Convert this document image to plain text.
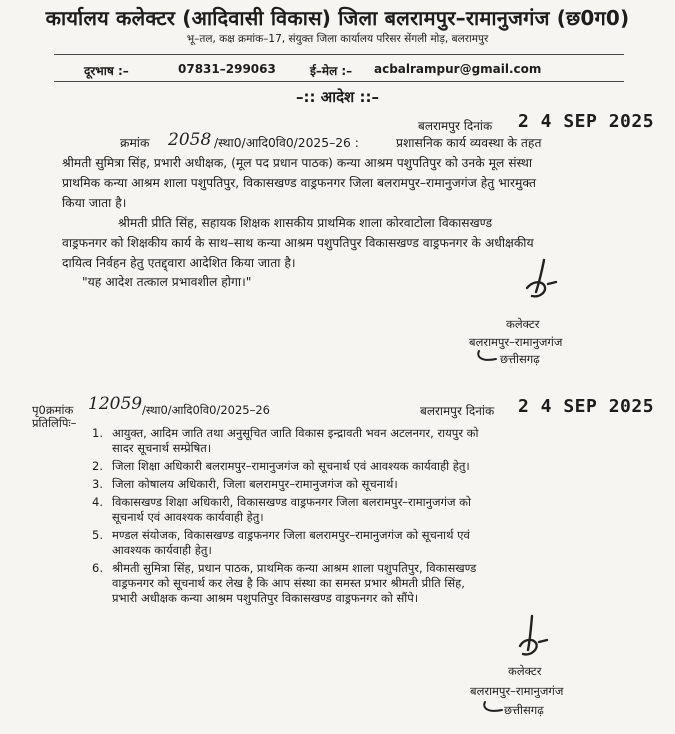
कार्यालय कलेक्टर (आदिवासी विकास) जिला बलरामपुर–रामानुजगंज (छ0ग0)
भू–तल, कक्ष क्रमांक–17, संयुक्त जिला कार्यालय परिसर सेंगली मोड़, बलरामपुर
दूरभाष :–	07831–299063	ई–मेल :– acbalrampur@gmail.com
–:: आदेश ::–
बलरामपुर दिनांक 2 4 SEP 2025
क्रमांक 2058 /स्था0/आदि0वि0/2025–26 :	प्रशासनिक कार्य व्यवस्था के तहत
श्रीमती सुमित्रा सिंह, प्रभारी अधीक्षक, (मूल पद प्रधान पाठक) कन्या आश्रम पशुपतिपुर को उनके मूल संस्था
प्राथमिक कन्या आश्रम शाला पशुपतिपुर, विकासखण्ड वाड्रफनगर जिला बलरामपुर–रामानुजगंज हेतु भारमुक्त
किया जाता है।
श्रीमती प्रीति सिंह, सहायक शिक्षक शासकीय प्राथमिक शाला कोरवाटोला विकासखण्ड
वाड्रफनगर को शिक्षकीय कार्य के साथ–साथ कन्या आश्रम पशुपतिपुर विकासखण्ड वाड्रफनगर के अधीक्षकीय
दायित्व निर्वहन हेतु एतद्द्वारा आदेशित किया जाता है।
"यह आदेश तत्काल प्रभावशील होगा।"
कलेक्टर
बलरामपुर–रामानुजगंज
छत्तीसगढ़
पृ0क्रमांक 12059 /स्था0/आदि0वि0/2025–26	बलरामपुर दिनांक 2 4 SEP 2025
प्रतिलिपिः–
1. आयुक्त, आदिम जाति तथा अनुसूचित जाति विकास इन्द्रावती भवन अटलनगर, रायपुर को
सादर सूचनार्थ सम्प्रेषित।
2. जिला शिक्षा अधिकारी बलरामपुर–रामानुजगंज को सूचनार्थ एवं आवश्यक कार्यवाही हेतु।
3. जिला कोषालय अधिकारी, जिला बलरामपुर–रामानुजगंज को सूचनार्थ।
4. विकासखण्ड शिक्षा अधिकारी, विकासखण्ड वाड्रफनगर जिला बलरामपुर–रामानुजगंज को
सूचनार्थ एवं आवश्यक कार्यवाही हेतु।
5. मण्डल संयोजक, विकासखण्ड वाड्रफनगर जिला बलरामपुर–रामानुजगंज को सूचनार्थ एवं
आवश्यक कार्यवाही हेतु।
6. श्रीमती सुमित्रा सिंह, प्रधान पाठक, प्राथमिक कन्या आश्रम शाला पशुपतिपुर, विकासखण्ड
वाड्रफनगर को सूचनार्थ कर लेख है कि आप संस्था का समस्त प्रभार श्रीमती प्रीति सिंह,
प्रभारी अधीक्षक कन्या आश्रम पशुपतिपुर विकासखण्ड वाड्रफनगर को सौंपे।
कलेक्टर
बलरामपुर–रामानुजगंज
छत्तीसगढ़
